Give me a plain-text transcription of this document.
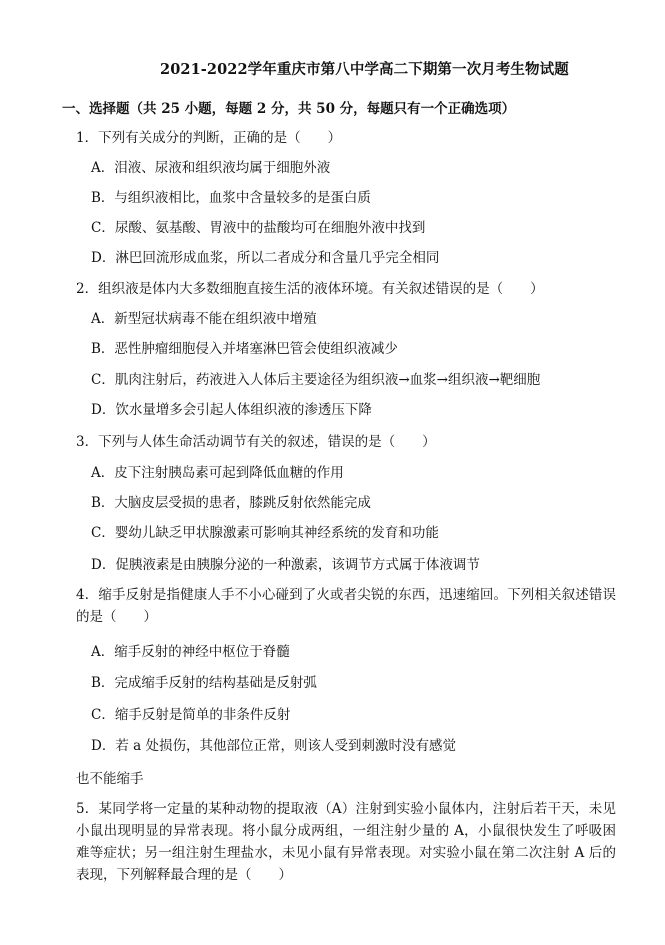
2021-2022学年重庆市第八中学高二下期第一次月考生物试题
一、选择题（共 25 小题，每题 2 分，共 50 分，每题只有一个正确选项）
1．下列有关成分的判断，正确的是（　　）
A．泪液、尿液和组织液均属于细胞外液
B．与组织液相比，血浆中含量较多的是蛋白质
C．尿酸、氨基酸、胃液中的盐酸均可在细胞外液中找到
D．淋巴回流形成血浆，所以二者成分和含量几乎完全相同
2．组织液是体内大多数细胞直接生活的液体环境。有关叙述错误的是（　　）
A．新型冠状病毒不能在组织液中增殖
B．恶性肿瘤细胞侵入并堵塞淋巴管会使组织液减少
C．肌肉注射后，药液进入人体后主要途径为组织液→血浆→组织液→靶细胞
D．饮水量增多会引起人体组织液的渗透压下降
3．下列与人体生命活动调节有关的叙述，错误的是（　　）
A．皮下注射胰岛素可起到降低血糖的作用
B．大脑皮层受损的患者，膝跳反射依然能完成
C．婴幼儿缺乏甲状腺激素可影响其神经系统的发育和功能
D．促胰液素是由胰腺分泌的一种激素，该调节方式属于体液调节
4．缩手反射是指健康人手不小心碰到了火或者尖锐的东西，迅速缩回。下列相关叙述错误的是（　　）
A．缩手反射的神经中枢位于脊髓
B．完成缩手反射的结构基础是反射弧
C．缩手反射是简单的非条件反射
D．若 a 处损伤，其他部位正常，则该人受到刺激时没有感觉
也不能缩手
5．某同学将一定量的某种动物的提取液（A）注射到实验小鼠体内，注射后若干天，未见小鼠出现明显的异常表现。将小鼠分成两组，一组注射少量的 A，小鼠很快发生了呼吸困难等症状；另一组注射生理盐水，未见小鼠有异常表现。对实验小鼠在第二次注射 A 后的表现，下列解释最合理的是（　　）
